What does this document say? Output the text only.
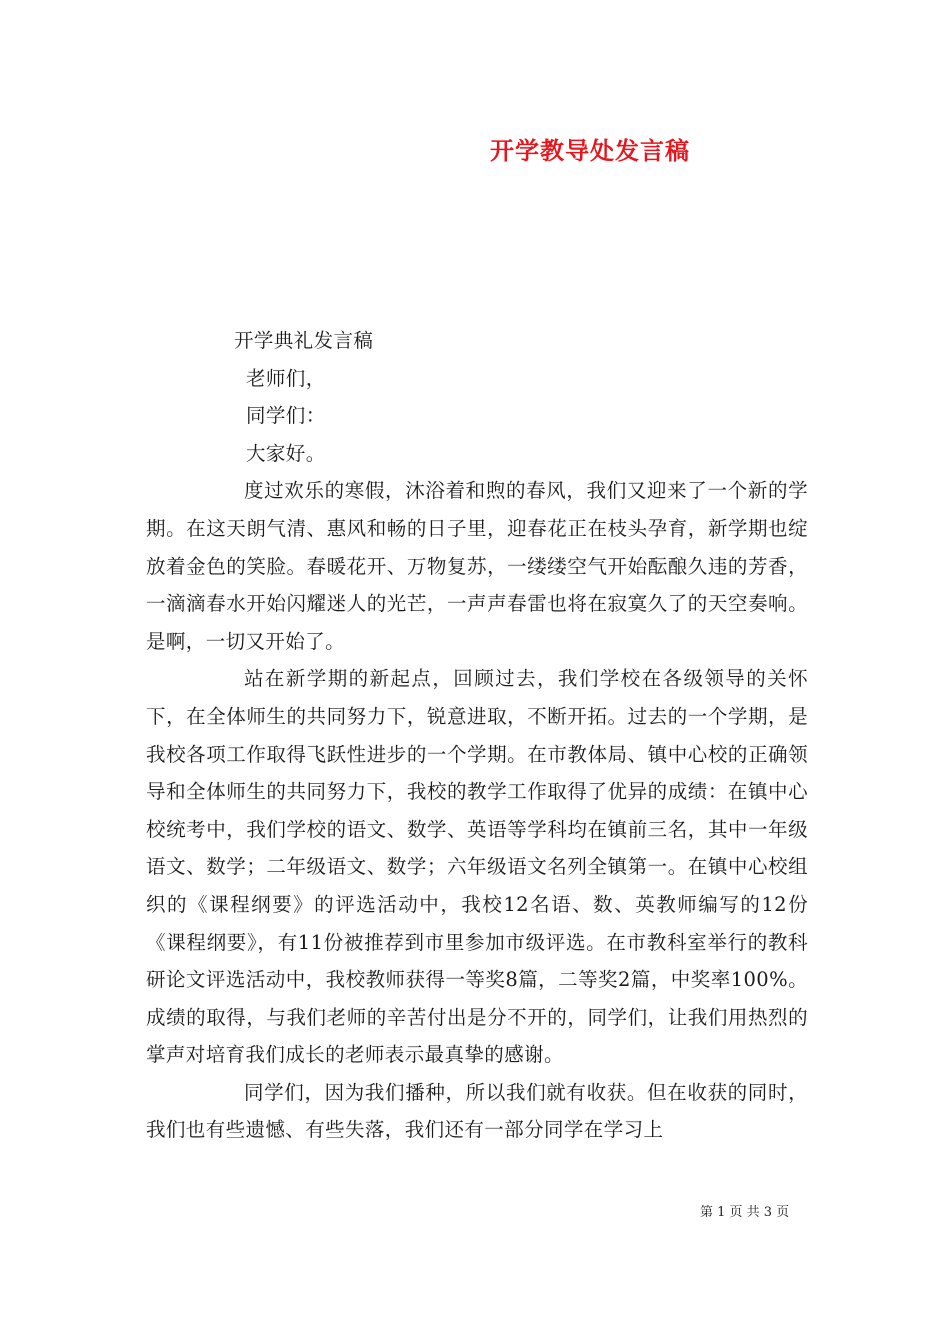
开学教导处发言稿

开学典礼发言稿

老师们，

同学们：

大家好。

度过欢乐的寒假，沐浴着和煦的春风，我们又迎来了一个新的学期。在这天朗气清、惠风和畅的日子里，迎春花正在枝头孕育，新学期也绽放着金色的笑脸。春暖花开、万物复苏，一缕缕空气开始酝酿久违的芳香，一滴滴春水开始闪耀迷人的光芒，一声声春雷也将在寂寞久了的天空奏响。是啊，一切又开始了。

站在新学期的新起点，回顾过去，我们学校在各级领导的关怀下，在全体师生的共同努力下，锐意进取，不断开拓。过去的一个学期，是我校各项工作取得飞跃性进步的一个学期。在市教体局、镇中心校的正确领导和全体师生的共同努力下，我校的教学工作取得了优异的成绩：在镇中心校统考中，我们学校的语文、数学、英语等学科均在镇前三名，其中一年级语文、数学；二年级语文、数学；六年级语文名列全镇第一。在镇中心校组织的《课程纲要》的评选活动中，我校12名语、数、英教师编写的12份《课程纲要》，有11份被推荐到市里参加市级评选。在市教科室举行的教科研论文评选活动中，我校教师获得一等奖8篇，二等奖2篇，中奖率100%。成绩的取得，与我们老师的辛苦付出是分不开的，同学们，让我们用热烈的掌声对培育我们成长的老师表示最真挚的感谢。

同学们，因为我们播种，所以我们就有收获。但在收获的同时，我们也有些遗憾、有些失落，我们还有一部分同学在学习上

第 1 页 共 3 页
